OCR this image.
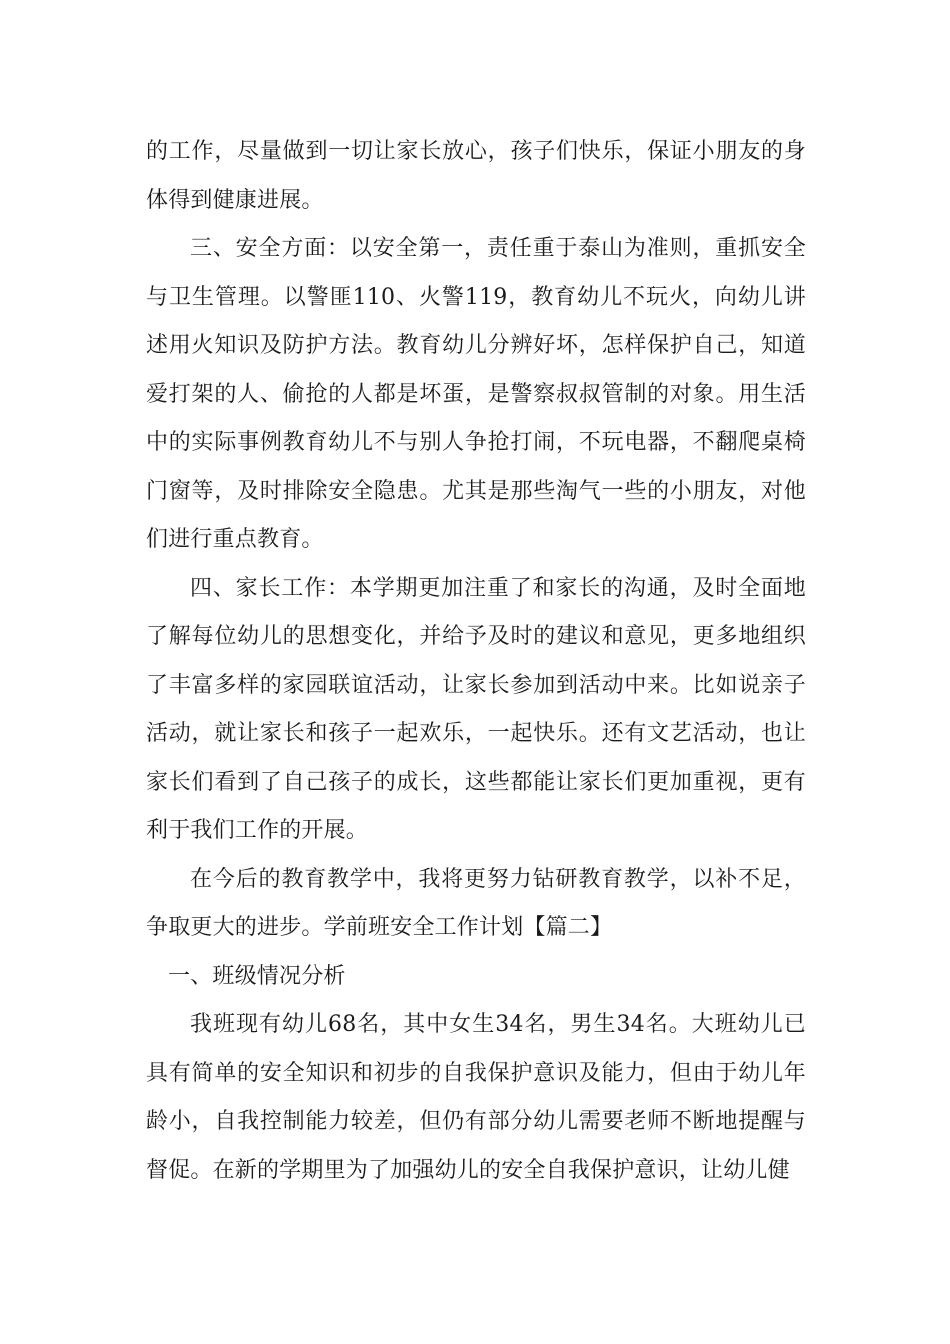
的工作，尽量做到一切让家长放心，孩子们快乐，保证小朋友的身体得到健康进展。

三、安全方面：以安全第一，责任重于泰山为准则，重抓安全与卫生管理。以警匪110、火警119，教育幼儿不玩火，向幼儿讲述用火知识及防护方法。教育幼儿分辨好坏，怎样保护自己，知道爱打架的人、偷抢的人都是坏蛋，是警察叔叔管制的对象。用生活中的实际事例教育幼儿不与别人争抢打闹，不玩电器，不翻爬桌椅门窗等，及时排除安全隐患。尤其是那些淘气一些的小朋友，对他们进行重点教育。

四、家长工作：本学期更加注重了和家长的沟通，及时全面地了解每位幼儿的思想变化，并给予及时的建议和意见，更多地组织了丰富多样的家园联谊活动，让家长参加到活动中来。比如说亲子活动，就让家长和孩子一起欢乐，一起快乐。还有文艺活动，也让家长们看到了自己孩子的成长，这些都能让家长们更加重视，更有利于我们工作的开展。

在今后的教育教学中，我将更努力钻研教育教学，以补不足，争取更大的进步。学前班安全工作计划【篇二】

一、班级情况分析

我班现有幼儿68名，其中女生34名，男生34名。大班幼儿已具有简单的安全知识和初步的自我保护意识及能力，但由于幼儿年龄小，自我控制能力较差，但仍有部分幼儿需要老师不断地提醒与督促。在新的学期里为了加强幼儿的安全自我保护意识，让幼儿健
